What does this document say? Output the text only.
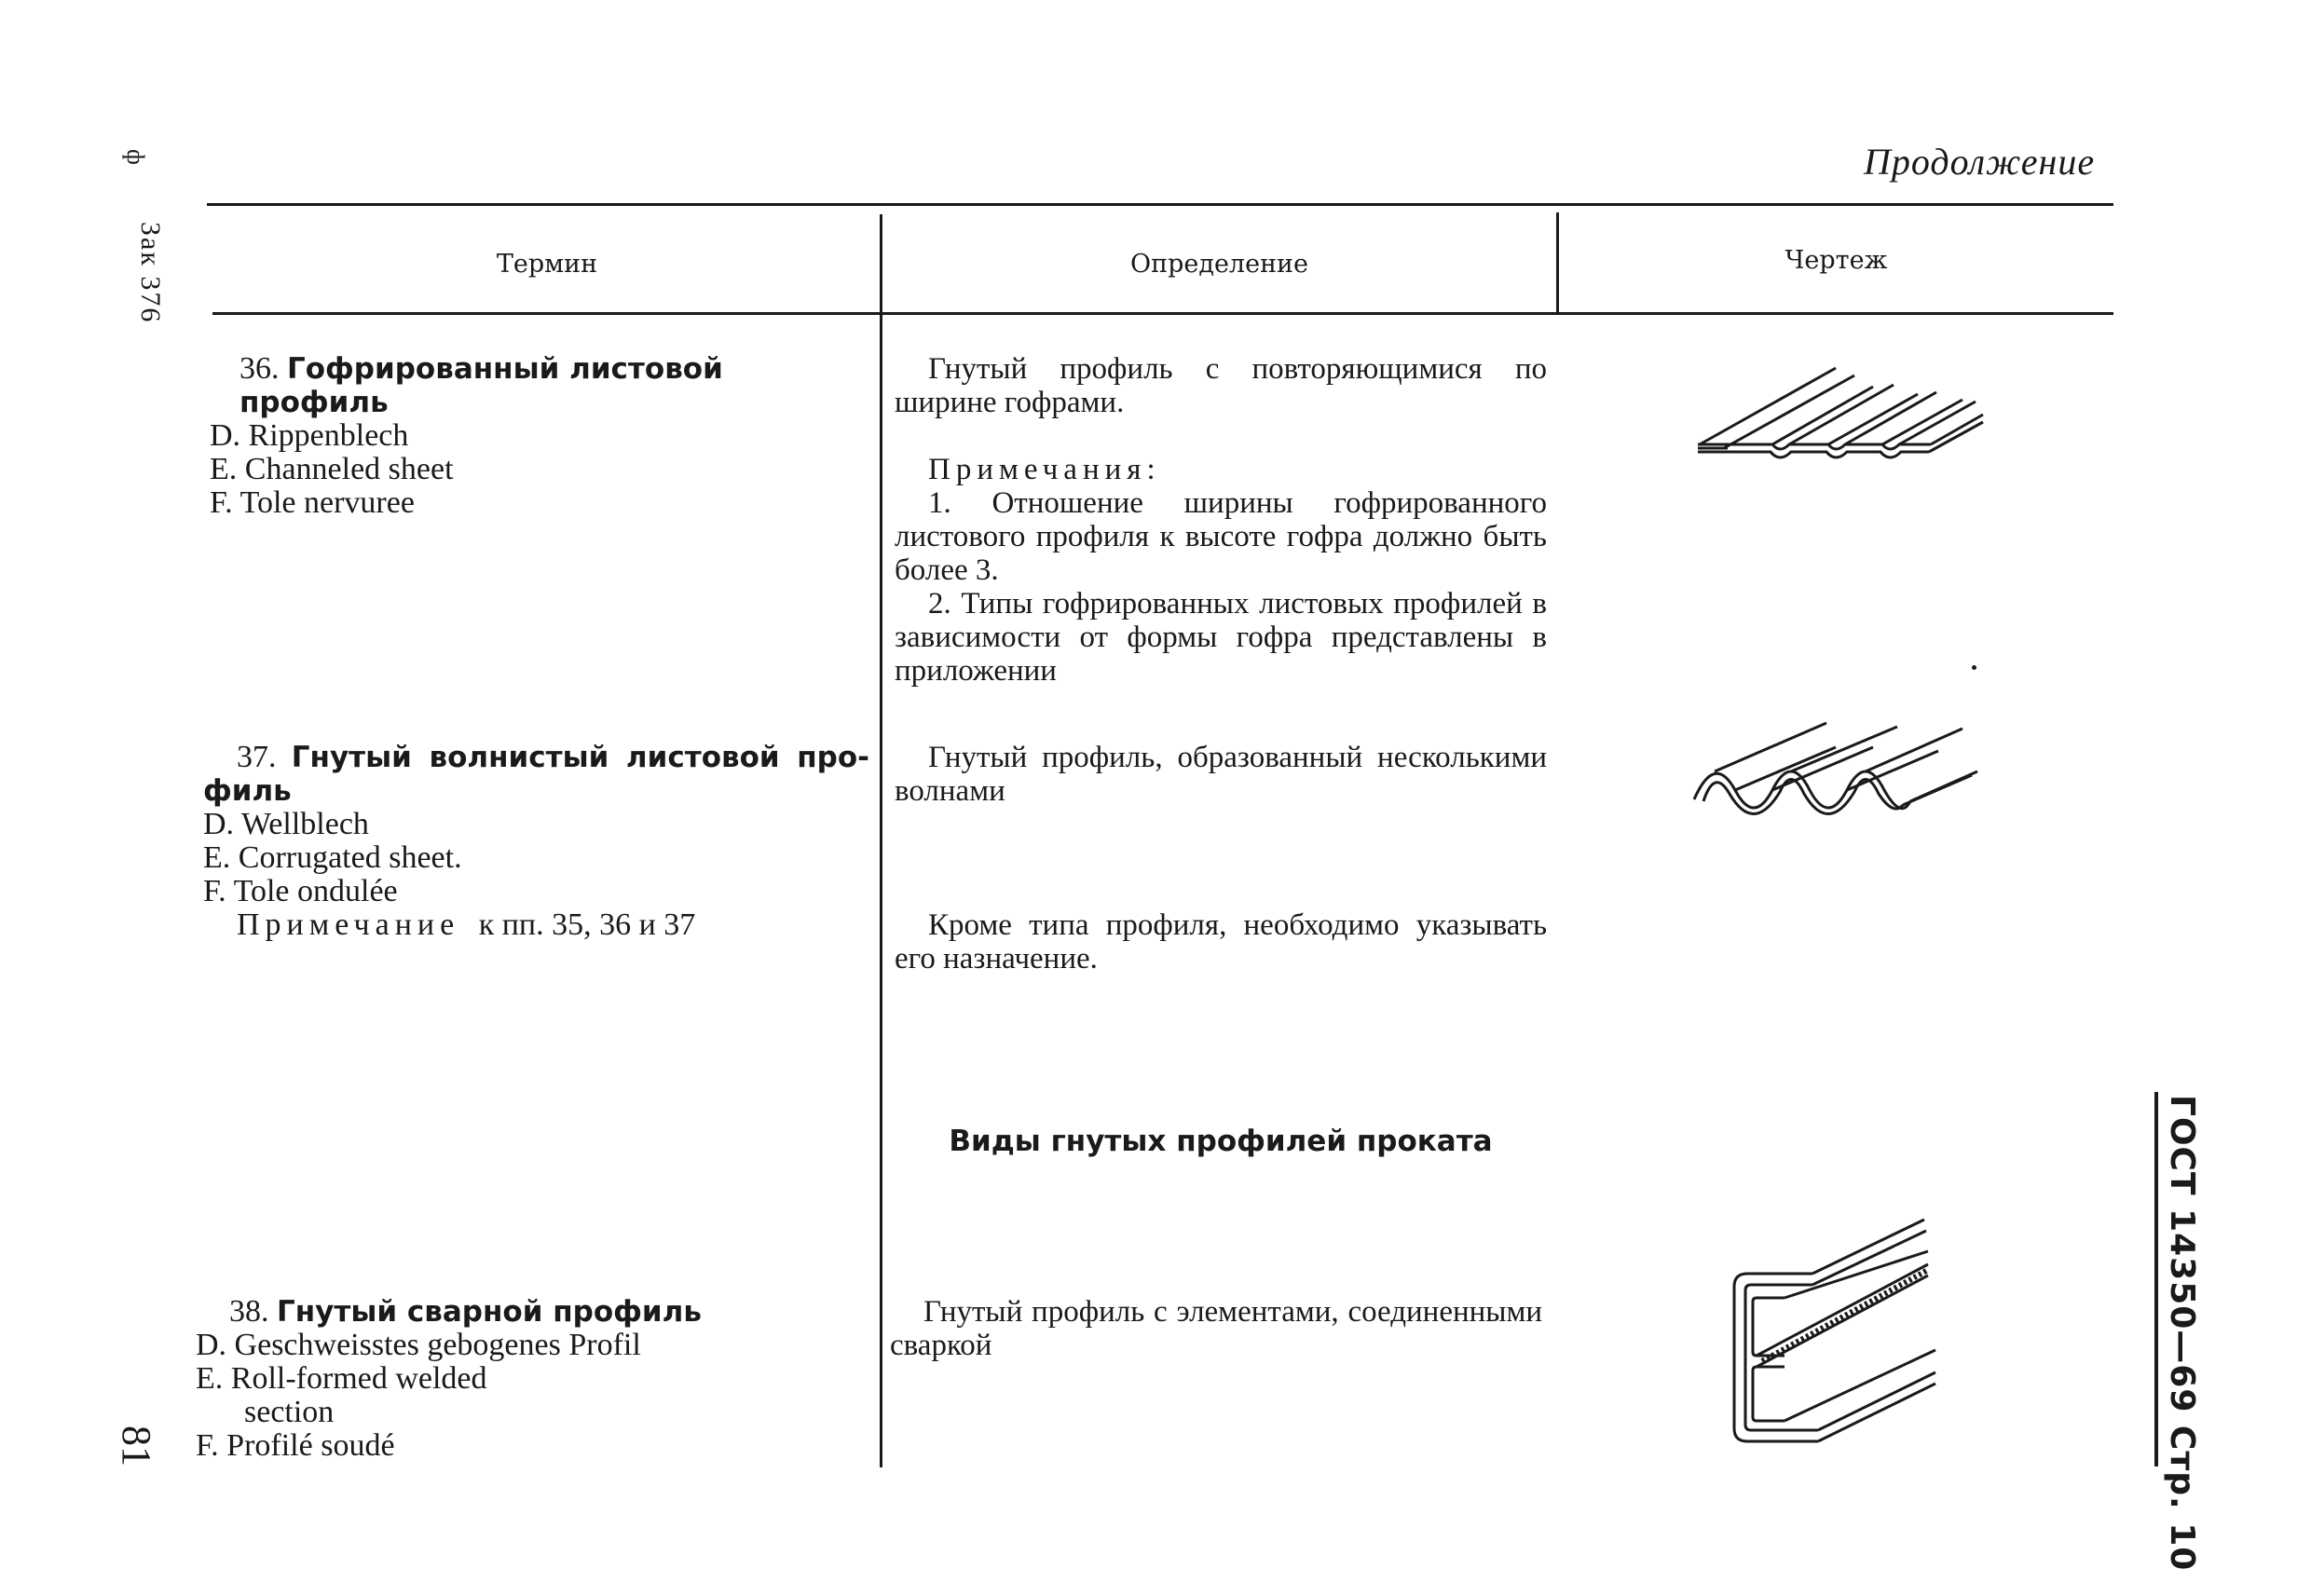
ф
Зак 376
81
Продолжение
ГОСТ 14350—69 Стр. 10
Термин	Определение	Чертеж
36. Гофрированный листовой профиль
D. Rippenblech
E. Channeled sheet
F. Tole nervuree
Гнутый профиль с повторяющимися по ширине гофрами.
Примечания:
1. Отношение ширины гофрированного листового профиля к высоте гофра должно быть более 3.
2. Типы гофрированных листовых профилей в зависимости от формы гофра представлены в приложении
37. Гнутый волнистый листовой про-
филь
D. Wellblech
E. Corrugated sheet.
F. Tole ondulée
Примечание к пп. 35, 36 и 37
Гнутый профиль, образованный несколькими волнами
Кроме типа профиля, необходимо указывать его назначение.
Виды гнутых профилей проката
38. Гнутый сварной профиль
D. Geschweisstes gebogenes Profil
E. Roll-formed welded
section
F. Profilé soudé
Гнутый профиль с элементами, соединенными сваркой
